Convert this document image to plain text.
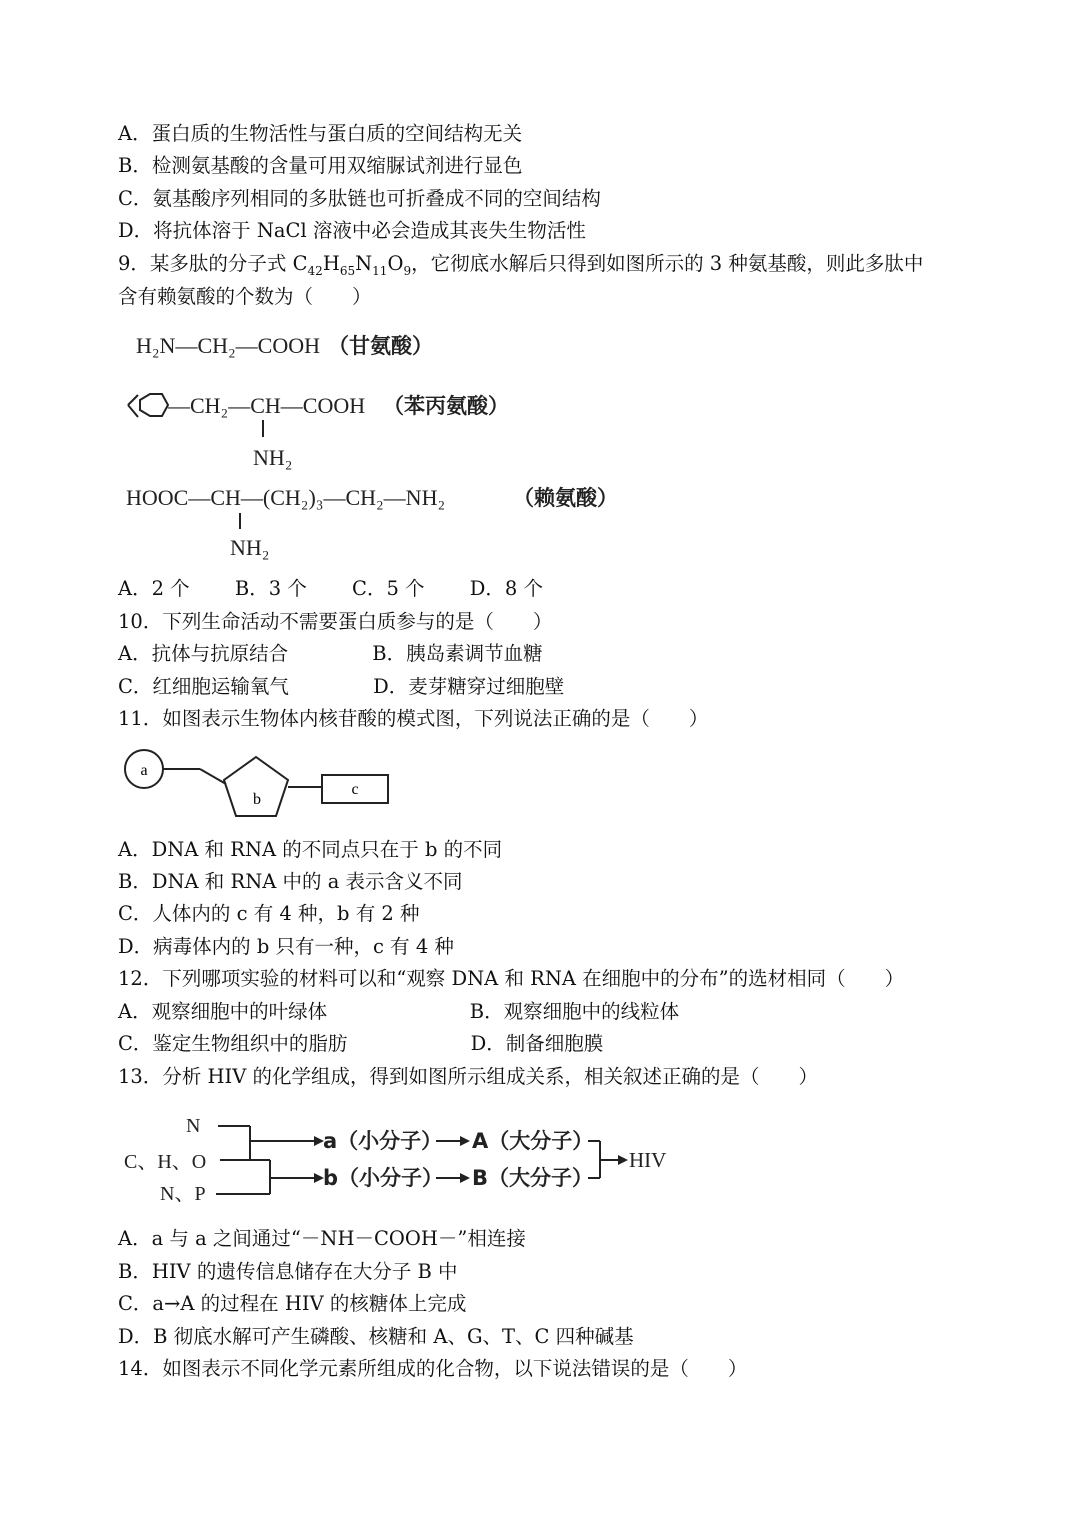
A．蛋白质的生物活性与蛋白质的空间结构无关
B．检测氨基酸的含量可用双缩脲试剂进行显色
C．氨基酸序列相同的多肽链也可折叠成不同的空间结构
D．将抗体溶于 NaCl 溶液中必会造成其丧失生物活性
9．某多肽的分子式 $C_{42}H_{65}N_{11}O_9$，它彻底水解后只得到如图所示的 3 种氨基酸，则此多肽中
含有赖氨酸的个数为（　　）
H₂N—CH₂—COOH （甘氨酸）
—CH₂—CH—COOH （苯丙氨酸）
NH₂
HOOC—CH—(CH₂)₃—CH₂—NH₂	（赖氨酸）
NH₂
A．2 个　　 B．3 个　　 C．5 个　　 D．8 个
10．下列生命活动不需要蛋白质参与的是（　　）
A．抗体与抗原结合　　　　 B．胰岛素调节血糖
C．红细胞运输氧气　　　　 D．麦芽糖穿过细胞壁
11．如图表示生物体内核苷酸的模式图，下列说法正确的是（　　）
a
b
c
A．DNA 和 RNA 的不同点只在于 b 的不同
B．DNA 和 RNA 中的 a 表示含义不同
C．人体内的 c 有 4 种，b 有 2 种
D．病毒体内的 b 只有一种，c 有 4 种
12．下列哪项实验的材料可以和“观察 DNA 和 RNA 在细胞中的分布”的选材相同（　　）
A．观察细胞中的叶绿体　　　　　　　 B．观察细胞中的线粒体
C．鉴定生物组织中的脂肪　　　　　　 D．制备细胞膜
13．分析 HIV 的化学组成，得到如图所示组成关系，相关叙述正确的是（　　）
N
C、H、O
N、P
a（小分子） A（大分子）
b（小分子） B（大分子）
HIV
A．a 与 a 之间通过“－NH－COOH－”相连接
B．HIV 的遗传信息储存在大分子 B 中
C．a→A 的过程在 HIV 的核糖体上完成
D．B 彻底水解可产生磷酸、核糖和 A、G、T、C 四种碱基
14．如图表示不同化学元素所组成的化合物，以下说法错误的是（　　）
